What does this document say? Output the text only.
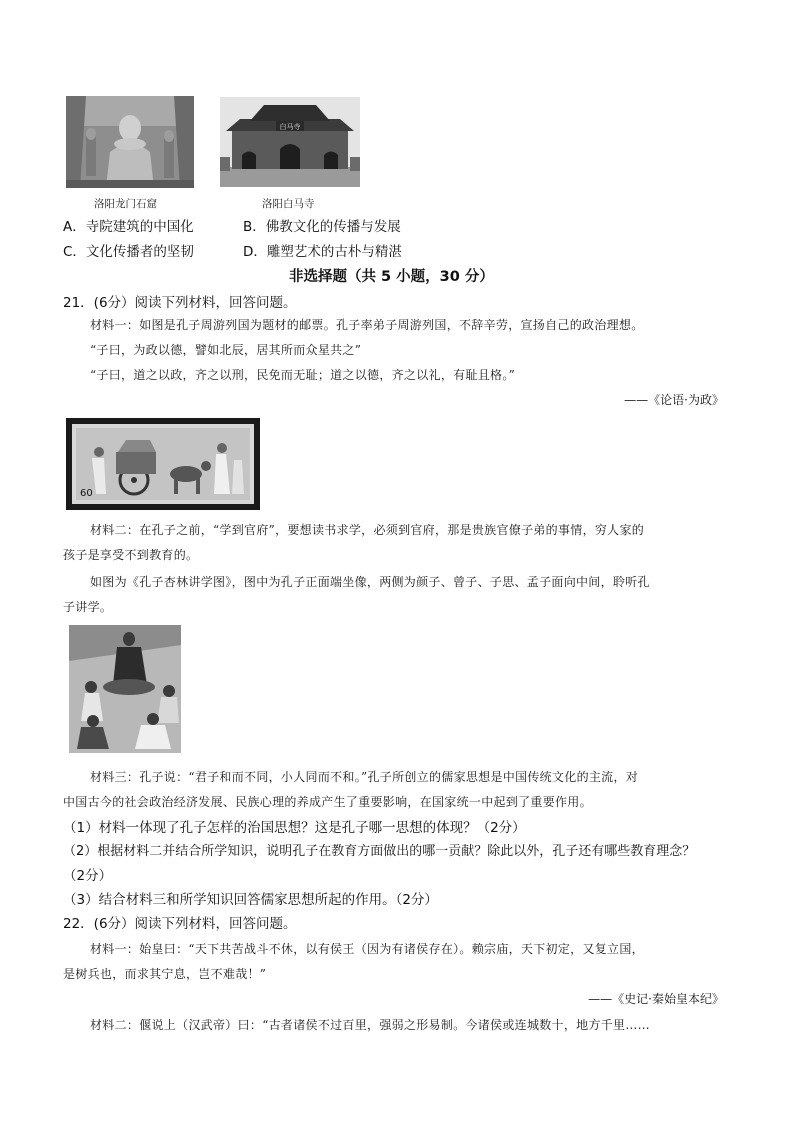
洛阳龙门石窟
白马寺
洛阳白马寺
A．寺院建筑的中国化	B．佛教文化的传播与发展
C．文化传播者的坚韧	D．雕塑艺术的古朴与精湛
非选择题（共 5 小题，30 分）
21．(6分）阅读下列材料，回答问题。
材料一：如图是孔子周游列国为题材的邮票。孔子率弟子周游列国，不辞辛劳，宣扬自己的政治理想。
“子曰，为政以德，譬如北辰，居其所而众星共之”
“子曰，道之以政，齐之以刑，民免而无耻；道之以德，齐之以礼，有耻且格。”
——《论语·为政》
60
材料二：在孔子之前，“学到官府”，要想读书求学，必须到官府，那是贵族官僚子弟的事情，穷人家的
孩子是享受不到教育的。
如图为《孔子杏林讲学图》，图中为孔子正面端坐像，两侧为颜子、曾子、子思、孟子面向中间，聆听孔
子讲学。
材料三：孔子说：“君子和而不同，小人同而不和。”孔子所创立的儒家思想是中国传统文化的主流，对
中国古今的社会政治经济发展、民族心理的养成产生了重要影响，在国家统一中起到了重要作用。
（1）材料一体现了孔子怎样的治国思想？这是孔子哪一思想的体现？（2分）
（2）根据材料二并结合所学知识，说明孔子在教育方面做出的哪一贡献？除此以外，孔子还有哪些教育理念？
（2分）
（3）结合材料三和所学知识回答儒家思想所起的作用。（2分）
22．(6分）阅读下列材料，回答问题。
材料一：始皇曰：“天下共苦战斗不休，以有侯王（因为有诸侯存在）。赖宗庙，天下初定，又复立国，
是树兵也，而求其宁息，岂不难哉！”
——《史记·秦始皇本纪》
材料二：偃说上（汉武帝）曰：“古者诸侯不过百里，强弱之形易制。今诸侯或连城数十，地方千里……
